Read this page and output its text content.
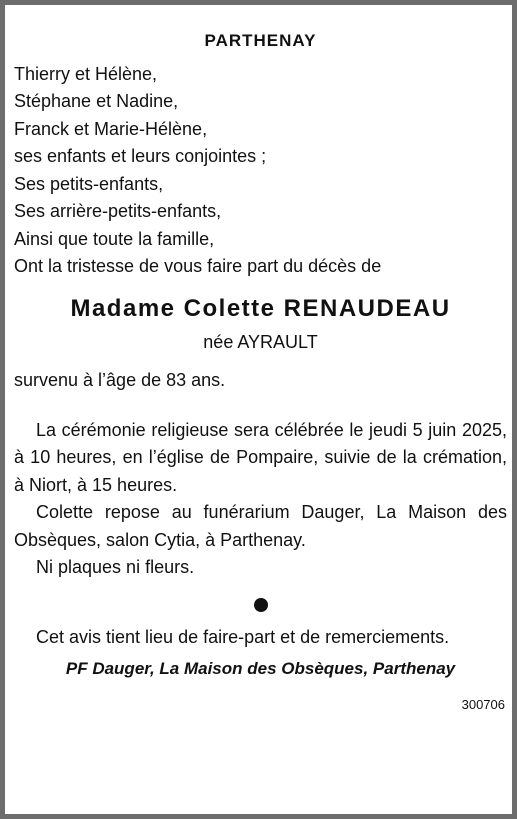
PARTHENAY
Thierry et Hélène,
Stéphane et Nadine,
Franck et Marie-Hélène,
ses enfants et leurs conjointes ;
Ses petits-enfants,
Ses arrière-petits-enfants,
Ainsi que toute la famille,
Ont la tristesse de vous faire part du décès de
Madame Colette RENAUDEAU
née AYRAULT
survenu à l’âge de 83 ans.
La cérémonie religieuse sera célébrée le jeudi 5 juin 2025, à 10 heures, en l’église de Pompaire, suivie de la crémation, à Niort, à 15 heures.
Colette repose au funérarium Dauger, La Maison des Obsèques, salon Cytia, à Parthenay.
Ni plaques ni fleurs.
Cet avis tient lieu de faire-part et de remerciements.
PF Dauger, La Maison des Obsèques, Parthenay
300706
